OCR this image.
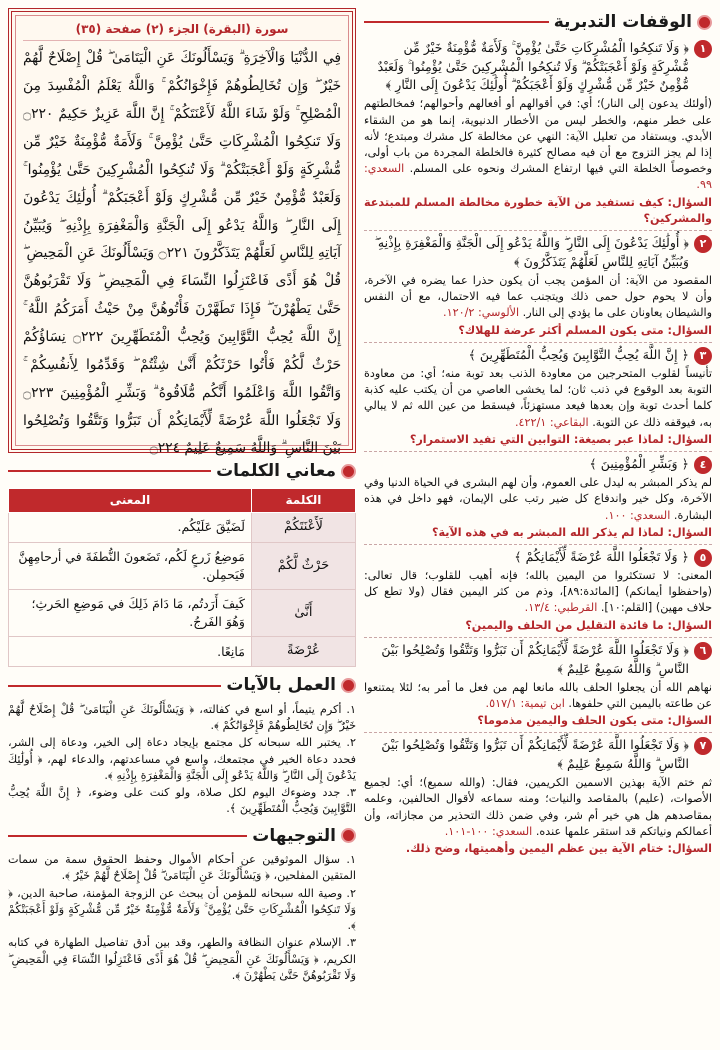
الوقفات التدبرية
١
﴿ وَلَا تَنكِحُوا الْمُشْرِكَاتِ حَتَّىٰ يُؤْمِنَّ ۚ وَلَأَمَةٌ مُّؤْمِنَةٌ خَيْرٌ مِّن مُّشْرِكَةٍ وَلَوْ أَعْجَبَتْكُمْ ۗ وَلَا تُنكِحُوا الْمُشْرِكِينَ حَتَّىٰ يُؤْمِنُوا ۚ وَلَعَبْدٌ مُّؤْمِنٌ خَيْرٌ مِّن مُّشْرِكٍ وَلَوْ أَعْجَبَكُمْ ۗ أُولَٰئِكَ يَدْعُونَ إِلَى النَّارِ ﴾

(أولئك يدعون إلى النار)؛ أي: في أقوالهم أو أفعالهم وأحوالهم؛ فمخالطتهم على خطر منهم، والخطر ليس من الأخطار الدنيوية، إنما هو من الشقاء الأبدي. ويستفاد من تعليل الآية: النهي عن مخالطة كل مشرك ومبتدع؛ لأنه إذا لم يجز التزوج مع أن فيه مصالح كثيرة فالخلطة المجردة من باب أولى، وخصوصاً الخلطة التي فيها ارتفاع المشرك ونحوه على المسلم. السعدي: ٩٩.

السؤال: كيف تستفيد من الآية خطورة مخالطة المسلم للمبتدعة والمشركين؟

٢
﴿ أُولَٰئِكَ يَدْعُونَ إِلَى النَّارِ ۖ وَاللَّهُ يَدْعُو إِلَى الْجَنَّةِ وَالْمَغْفِرَةِ بِإِذْنِهِ ۖ وَيُبَيِّنُ آيَاتِهِ لِلنَّاسِ لَعَلَّهُمْ يَتَذَكَّرُونَ ﴾

المقصود من الآية: أن المؤمن يجب أن يكون حذرا عما يضره في الآخرة، وأن لا يحوم حول حمى ذلك ويتجنب عما فيه الاحتمال، مع أن النفس والشيطان يعاونان على ما يؤدي إلى النار. الألوسي: ١٢٠/٢.

السؤال: متى يكون المسلم أكثر عرضة للهلاك؟

٣
﴿ إِنَّ اللَّهَ يُحِبُّ التَّوَّابِينَ وَيُحِبُّ الْمُتَطَهِّرِينَ ﴾

تأنيساً لقلوب المتحرجين من معاودة الذنب بعد توبة منه؛ أي: من معاودة التوبة بعد الوقوع في ذنب ثان؛ لما يخشى العاصي من أن يكتب عليه كذبة كلما أحدث توبة وإن بعدها فيعد مستهزئاً، فيسقط من عين الله ثم لا يبالي به، فيوقفه ذلك عن التوبة. البقاعي: ٤٢٢/١.

السؤال: لماذا عبر بصيغة: التوابين التي تفيد الاستمرار؟

٤
﴿ وَبَشِّرِ الْمُؤْمِنِينَ ﴾

لم يذكر المبشر به ليدل على العموم، وأن لهم البشرى في الحياة الدنيا وفي الآخرة، وكل خير واندفاع كل ضير رتب على الإيمان، فهو داخل في هذه البشارة. السعدي: ١٠٠.

السؤال: لماذا لم يذكر الله المبشر به في هذه الآية؟

٥
﴿ وَلَا تَجْعَلُوا اللَّهَ عُرْضَةً لِّأَيْمَانِكُمْ ﴾

المعنى: لا تستكثروا من اليمين بالله؛ فإنه أهيب للقلوب؛ قال تعالى: (واحفظوا أيمانكم) [المائدة:٨٩]، وذم من كثر اليمين فقال (ولا تطع كل حلاف مهين) [القلم:١٠]. القرطبي: ١٣/٤.

السؤال: ما فائدة التقليل من الحلف واليمين؟

٦
﴿ وَلَا تَجْعَلُوا اللَّهَ عُرْضَةً لِّأَيْمَانِكُمْ أَن تَبَرُّوا وَتَتَّقُوا وَتُصْلِحُوا بَيْنَ النَّاسِ ۗ وَاللَّهُ سَمِيعٌ عَلِيمٌ ﴾

نهاهم الله أن يجعلوا الحلف بالله مانعا لهم من فعل ما أمر به؛ لئلا يمتنعوا عن طاعته باليمين التي حلفوها. ابن تيمية: ٥١٧/١.

السؤال: متى يكون الحلف واليمين مذموما؟

٧
﴿ وَلَا تَجْعَلُوا اللَّهَ عُرْضَةً لِّأَيْمَانِكُمْ أَن تَبَرُّوا وَتَتَّقُوا وَتُصْلِحُوا بَيْنَ النَّاسِ ۗ وَاللَّهُ سَمِيعٌ عَلِيمٌ ﴾

ثم ختم الآية بهذين الاسمين الكريمين، فقال: (والله سميع)؛ أي: لجميع الأصوات، (عليم) بالمقاصد والنيات؛ ومنه سماعه لأقوال الحالفين، وعلمه بمقاصدهم هل هي خير أم شر، وفي ضمن ذلك التحذير من مجازاته، وأن أعمالكم ونياتكم قد استقر علمها عنده. السعدي: ١٠٠-١٠١.

السؤال: ختام الآية بين عظم اليمين وأهميتها، وضح ذلك.

سورة (البقرة) الجزء (٢) صفحة (٣٥)
فِي الدُّنْيَا وَالْآخِرَةِ ۗ وَيَسْأَلُونَكَ عَنِ الْيَتَامَىٰ ۖ قُلْ إِصْلَاحٌ لَّهُمْ خَيْرٌ ۖ وَإِن تُخَالِطُوهُمْ فَإِخْوَانُكُمْ ۚ وَاللَّهُ يَعْلَمُ الْمُفْسِدَ مِنَ الْمُصْلِحِ ۚ وَلَوْ شَاءَ اللَّهُ لَأَعْنَتَكُمْ ۚ إِنَّ اللَّهَ عَزِيزٌ حَكِيمٌ ۝٢٢٠ وَلَا تَنكِحُوا الْمُشْرِكَاتِ حَتَّىٰ يُؤْمِنَّ ۚ وَلَأَمَةٌ مُّؤْمِنَةٌ خَيْرٌ مِّن مُّشْرِكَةٍ وَلَوْ أَعْجَبَتْكُمْ ۗ وَلَا تُنكِحُوا الْمُشْرِكِينَ حَتَّىٰ يُؤْمِنُوا ۚ وَلَعَبْدٌ مُّؤْمِنٌ خَيْرٌ مِّن مُّشْرِكٍ وَلَوْ أَعْجَبَكُمْ ۗ أُولَٰئِكَ يَدْعُونَ إِلَى النَّارِ ۖ وَاللَّهُ يَدْعُو إِلَى الْجَنَّةِ وَالْمَغْفِرَةِ بِإِذْنِهِ ۖ وَيُبَيِّنُ آيَاتِهِ لِلنَّاسِ لَعَلَّهُمْ يَتَذَكَّرُونَ ۝٢٢١ وَيَسْأَلُونَكَ عَنِ الْمَحِيضِ ۖ قُلْ هُوَ أَذًى فَاعْتَزِلُوا النِّسَاءَ فِي الْمَحِيضِ ۖ وَلَا تَقْرَبُوهُنَّ حَتَّىٰ يَطْهُرْنَ ۖ فَإِذَا تَطَهَّرْنَ فَأْتُوهُنَّ مِنْ حَيْثُ أَمَرَكُمُ اللَّهُ ۚ إِنَّ اللَّهَ يُحِبُّ التَّوَّابِينَ وَيُحِبُّ الْمُتَطَهِّرِينَ ۝٢٢٢ نِسَاؤُكُمْ حَرْثٌ لَّكُمْ فَأْتُوا حَرْثَكُمْ أَنَّىٰ شِئْتُمْ ۖ وَقَدِّمُوا لِأَنفُسِكُمْ ۚ وَاتَّقُوا اللَّهَ وَاعْلَمُوا أَنَّكُم مُّلَاقُوهُ ۗ وَبَشِّرِ الْمُؤْمِنِينَ ۝٢٢٣ وَلَا تَجْعَلُوا اللَّهَ عُرْضَةً لِّأَيْمَانِكُمْ أَن تَبَرُّوا وَتَتَّقُوا وَتُصْلِحُوا بَيْنَ النَّاسِ ۗ وَاللَّهُ سَمِيعٌ عَلِيمٌ ۝٢٢٤
معاني الكلمات
الكلمة	المعنى
لَأَعْنَتَكُمْ	لَضَيَّقَ عَلَيْكُم.
حَرْثٌ لَّكُمْ	مَوضِعُ زَرعٍ لَكُم، تَضَعونَ النُّطفَةَ في أرحامِهِنَّ فَيَحمِلن.
أَنَّىٰ	كَيفَ أَرَدتُم، مَا دَامَ ذَلِكَ في مَوضِعِ الحَرثِ؛ وَهُوَ الفَرجُ.
عُرْضَةً	مَانِعًا.
العمل بالآيات
١. أكرم يتيماً، أو اسع في كفالته، ﴿ وَيَسْأَلُونَكَ عَنِ الْيَتَامَىٰ ۖ قُلْ إِصْلَاحٌ لَّهُمْ خَيْرٌ ۖ وَإِن تُخَالِطُوهُمْ فَإِخْوَانُكُمْ ﴾.
٢. يختبر الله سبحانه كل مجتمع بإيجاد دعاة إلى الخير، ودعاة إلى الشر، فحدد دعاة الخير في مجتمعك، واسع في مساعدتهم، والدعاء لهم، ﴿ أُولَٰئِكَ يَدْعُونَ إِلَى النَّارِ ۖ وَاللَّهُ يَدْعُو إِلَى الْجَنَّةِ وَالْمَغْفِرَةِ بِإِذْنِهِ ﴾.
٣. جدد وضوءك اليوم لكل صلاة، ولو كنت على وضوء، ﴿ إِنَّ اللَّهَ يُحِبُّ التَّوَّابِينَ وَيُحِبُّ الْمُتَطَهِّرِينَ ﴾.
التوجيهات
١. سؤال الموثوقين عن أحكام الأموال وحفظ الحقوق سمة من سمات المتقين المفلحين، ﴿ وَيَسْأَلُونَكَ عَنِ الْيَتَامَىٰ ۖ قُلْ إِصْلَاحٌ لَّهُمْ خَيْرٌ ﴾.
٢. وصية الله سبحانه للمؤمن أن يبحث عن الزوجة المؤمنة، صاحبة الدين، ﴿ وَلَا تَنكِحُوا الْمُشْرِكَاتِ حَتَّىٰ يُؤْمِنَّ ۚ وَلَأَمَةٌ مُّؤْمِنَةٌ خَيْرٌ مِّن مُّشْرِكَةٍ وَلَوْ أَعْجَبَتْكُمْ ﴾.
٣. الإسلام عنوان النظافة والطهر، وقد بين أدق تفاصيل الطهارة في كتابه الكريم، ﴿ وَيَسْأَلُونَكَ عَنِ الْمَحِيضِ ۖ قُلْ هُوَ أَذًى فَاعْتَزِلُوا النِّسَاءَ فِي الْمَحِيضِ ۖ وَلَا تَقْرَبُوهُنَّ حَتَّىٰ يَطْهُرْنَ ﴾.
